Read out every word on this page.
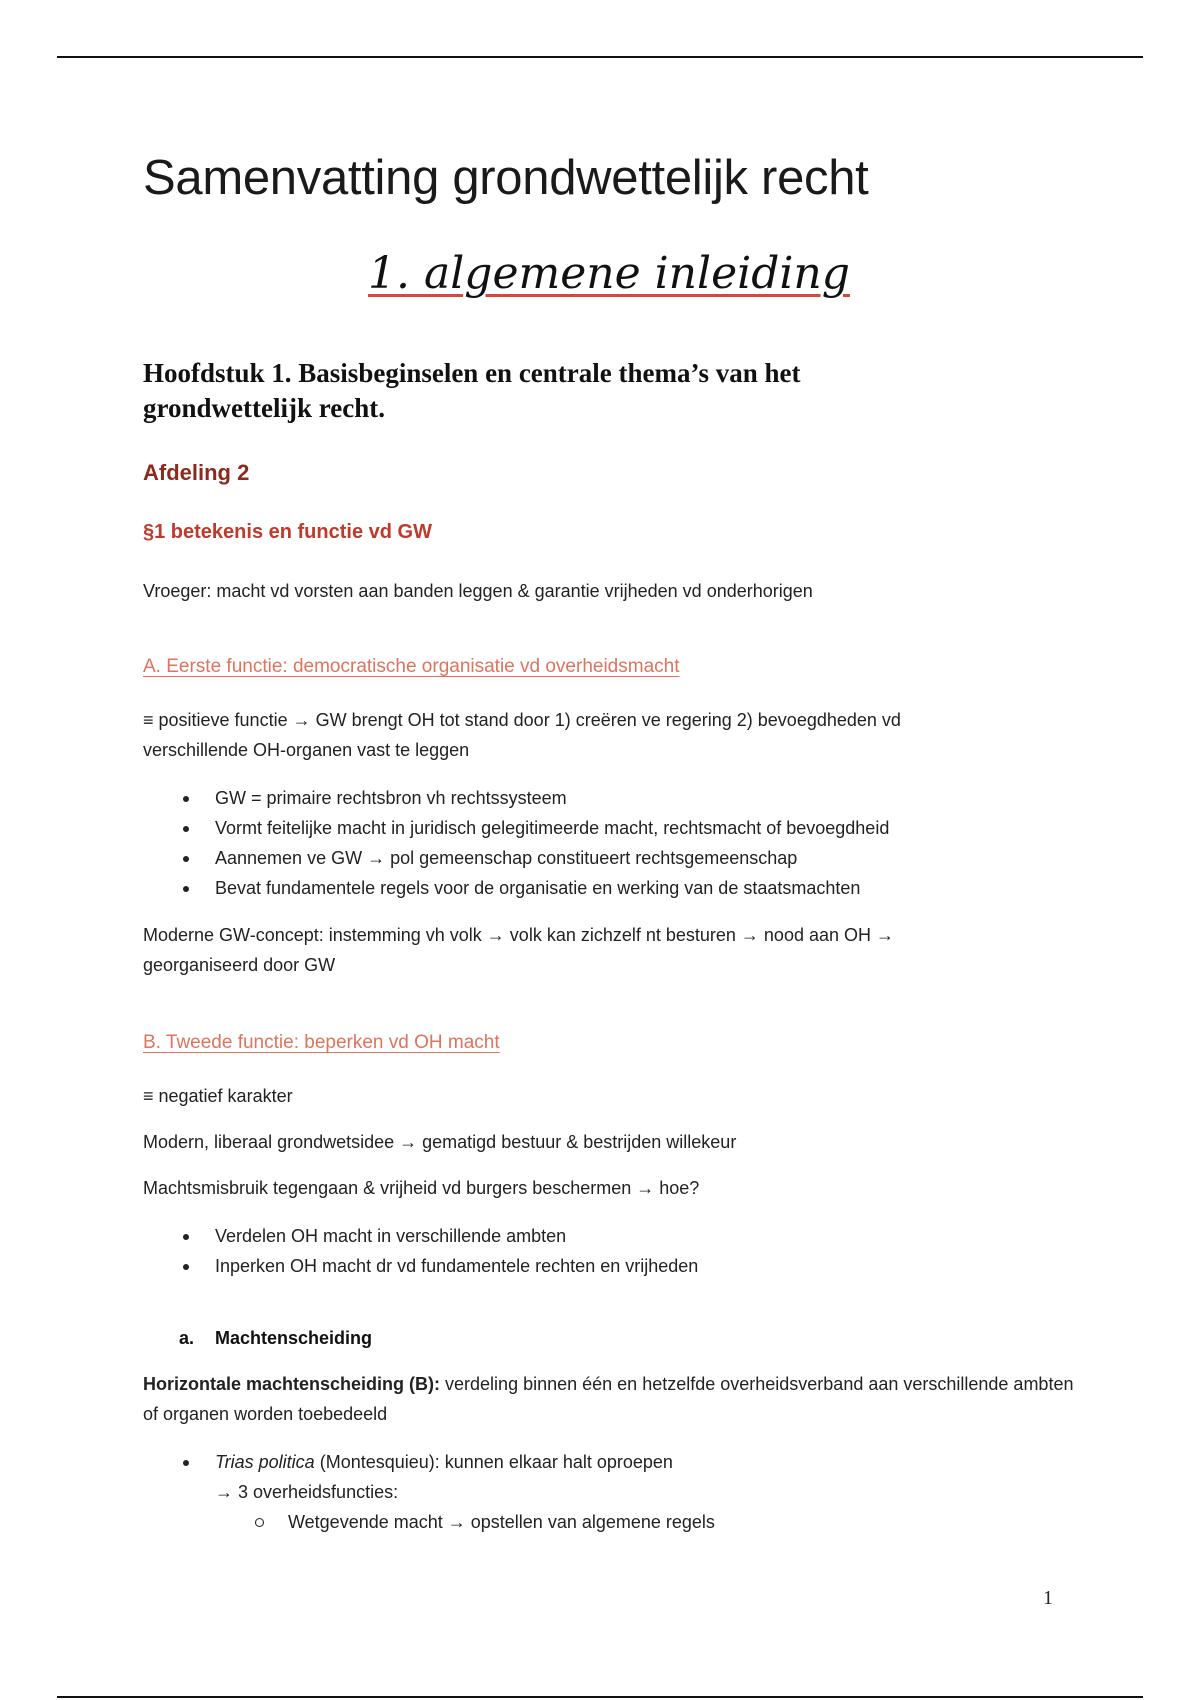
Samenvatting grondwettelijk recht
1. algemene inleiding
Hoofdstuk 1. Basisbeginselen en centrale thema’s van het grondwettelijk recht.
Afdeling 2
§1 betekenis en functie vd GW
Vroeger: macht vd vorsten aan banden leggen & garantie vrijheden vd onderhorigen
A. Eerste functie: democratische organisatie vd overheidsmacht
≡ positieve functie → GW brengt OH tot stand door 1) creëren ve regering 2) bevoegdheden vd verschillende OH-organen vast te leggen
GW = primaire rechtsbron vh rechtssysteem
Vormt feitelijke macht in juridisch gelegitimeerde macht, rechtsmacht of bevoegdheid
Aannemen ve GW → pol gemeenschap constitueert rechtsgemeenschap
Bevat fundamentele regels voor de organisatie en werking van de staatsmachten
Moderne GW-concept: instemming vh volk → volk kan zichzelf nt besturen → nood aan OH → georganiseerd door GW
B. Tweede functie: beperken vd OH macht
≡ negatief karakter
Modern, liberaal grondwetsidee → gematigd bestuur & bestrijden willekeur
Machtsmisbruik tegengaan & vrijheid vd burgers beschermen → hoe?
Verdelen OH macht in verschillende ambten
Inperken OH macht dr vd fundamentele rechten en vrijheden
a. Machtenscheiding
Horizontale machtenscheiding (B): verdeling binnen één en hetzelfde overheidsverband aan verschillende ambten of organen worden toebedeeld
Trias politica (Montesquieu): kunnen elkaar halt oproepen
→ 3 overheidsfuncties:
Wetgevende macht → opstellen van algemene regels
1
